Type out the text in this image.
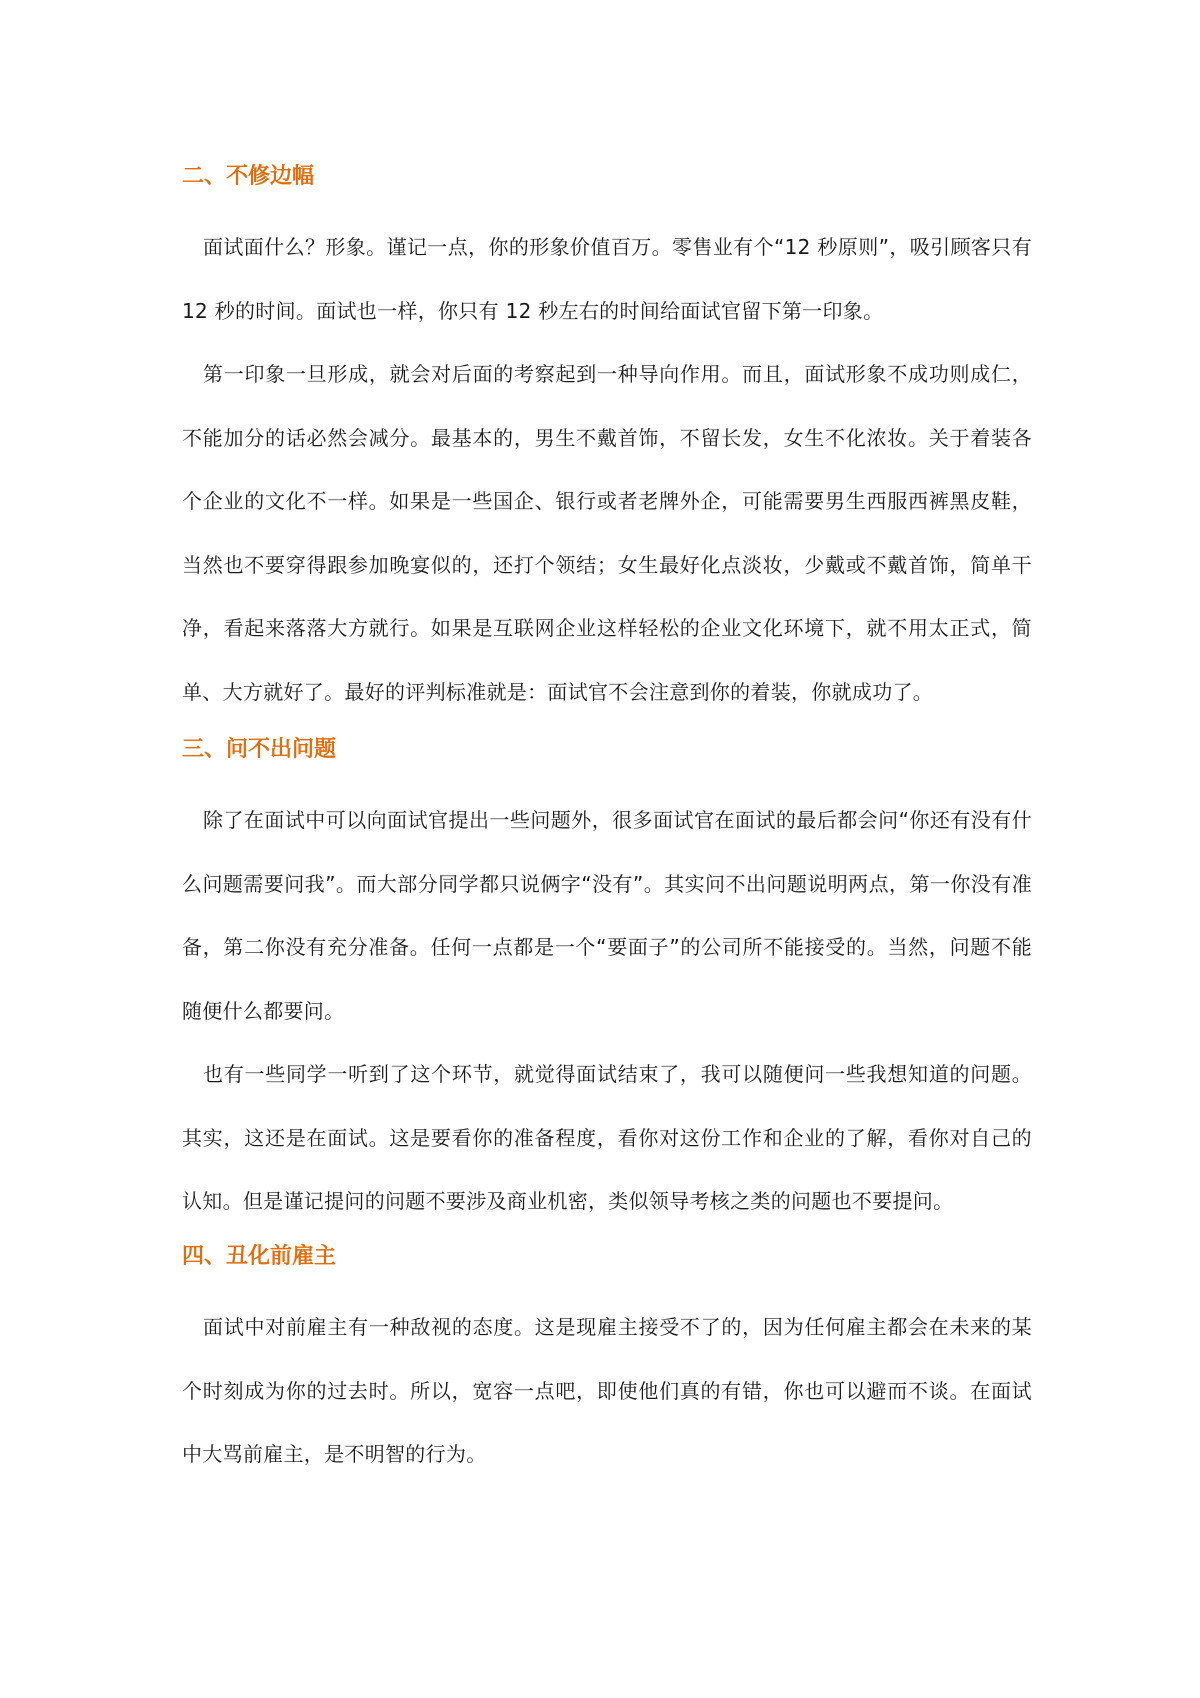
二、不修边幅

面试面什么？形象。谨记一点，你的形象价值百万。零售业有个“12 秒原则”，吸引顾客只有 12 秒的时间。面试也一样，你只有 12 秒左右的时间给面试官留下第一印象。

第一印象一旦形成，就会对后面的考察起到一种导向作用。而且，面试形象不成功则成仁，不能加分的话必然会减分。最基本的，男生不戴首饰，不留长发，女生不化浓妆。关于着装各个企业的文化不一样。如果是一些国企、银行或者老牌外企，可能需要男生西服西裤黑皮鞋，当然也不要穿得跟参加晚宴似的，还打个领结；女生最好化点淡妆，少戴或不戴首饰，简单干净，看起来落落大方就行。如果是互联网企业这样轻松的企业文化环境下，就不用太正式，简单、大方就好了。最好的评判标准就是：面试官不会注意到你的着装，你就成功了。

三、问不出问题

除了在面试中可以向面试官提出一些问题外，很多面试官在面试的最后都会问“你还有没有什么问题需要问我”。而大部分同学都只说俩字“没有”。其实问不出问题说明两点，第一你没有准备，第二你没有充分准备。任何一点都是一个“要面子”的公司所不能接受的。当然，问题不能随便什么都要问。

也有一些同学一听到了这个环节，就觉得面试结束了，我可以随便问一些我想知道的问题。其实，这还是在面试。这是要看你的准备程度，看你对这份工作和企业的了解，看你对自己的认知。但是谨记提问的问题不要涉及商业机密，类似领导考核之类的问题也不要提问。

四、丑化前雇主

面试中对前雇主有一种敌视的态度。这是现雇主接受不了的，因为任何雇主都会在未来的某个时刻成为你的过去时。所以，宽容一点吧，即使他们真的有错，你也可以避而不谈。在面试中大骂前雇主，是不明智的行为。
